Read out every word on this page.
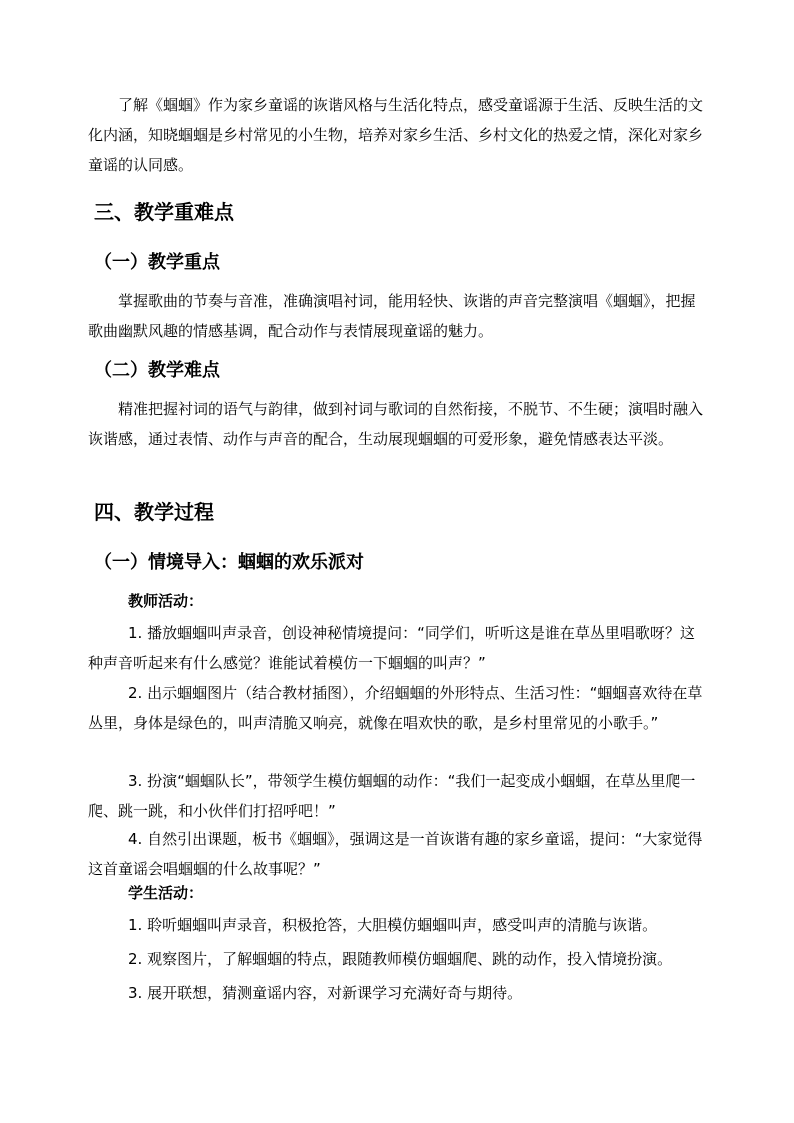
了解《蝈蝈》作为家乡童谣的诙谐风格与生活化特点，感受童谣源于生活、反映生活的文化内涵，知晓蝈蝈是乡村常见的小生物，培养对家乡生活、乡村文化的热爱之情，深化对家乡童谣的认同感。

三、教学重难点
（一）教学重点

掌握歌曲的节奏与音准，准确演唱衬词，能用轻快、诙谐的声音完整演唱《蝈蝈》，把握歌曲幽默风趣的情感基调，配合动作与表情展现童谣的魅力。

（二）教学难点

精准把握衬词的语气与韵律，做到衬词与歌词的自然衔接，不脱节、不生硬；演唱时融入诙谐感，通过表情、动作与声音的配合，生动展现蝈蝈的可爱形象，避免情感表达平淡。

四、教学过程
（一）情境导入：蝈蝈的欢乐派对

教师活动：

1. 播放蝈蝈叫声录音，创设神秘情境提问：“同学们，听听这是谁在草丛里唱歌呀？这种声音听起来有什么感觉？谁能试着模仿一下蝈蝈的叫声？”

2. 出示蝈蝈图片（结合教材插图），介绍蝈蝈的外形特点、生活习性：“蝈蝈喜欢待在草丛里，身体是绿色的，叫声清脆又响亮，就像在唱欢快的歌，是乡村里常见的小歌手。”

3. 扮演“蝈蝈队长”，带领学生模仿蝈蝈的动作：“我们一起变成小蝈蝈，在草丛里爬一爬、跳一跳，和小伙伴们打招呼吧！”

4. 自然引出课题，板书《蝈蝈》，强调这是一首诙谐有趣的家乡童谣，提问：“大家觉得这首童谣会唱蝈蝈的什么故事呢？”

学生活动：

1. 聆听蝈蝈叫声录音，积极抢答，大胆模仿蝈蝈叫声，感受叫声的清脆与诙谐。

2. 观察图片，了解蝈蝈的特点，跟随教师模仿蝈蝈爬、跳的动作，投入情境扮演。

3. 展开联想，猜测童谣内容，对新课学习充满好奇与期待。
